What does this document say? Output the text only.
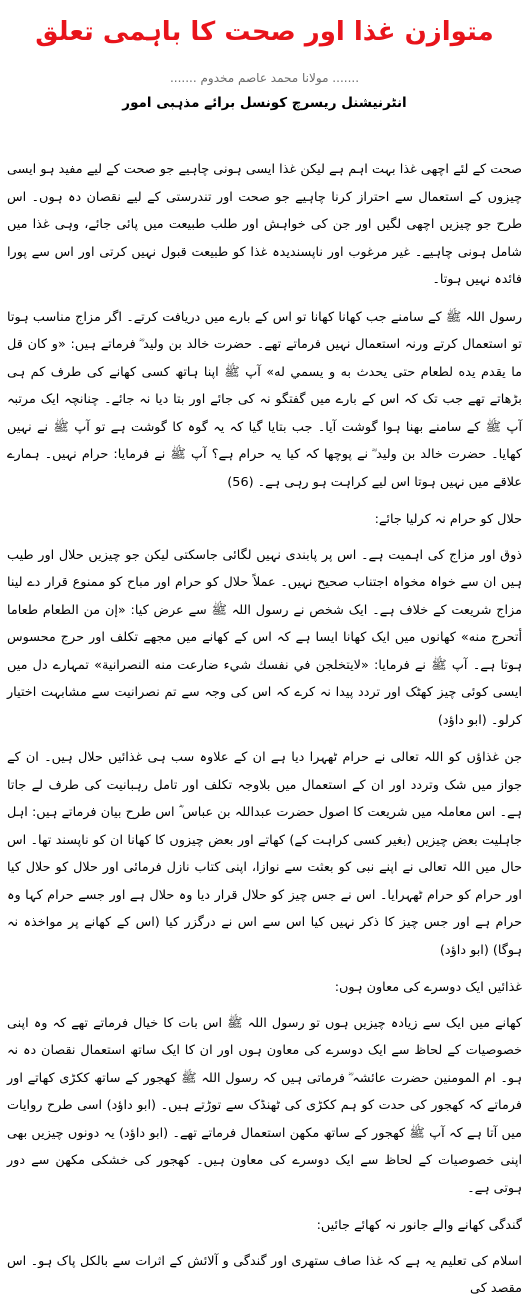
متوازن غذا اور صحت کا باہمی تعلق
....... مولانا محمد عاصم مخدوم .......
انٹرنیشنل ریسرچ کونسل برائے مذہبی امور

صحت کے لئے اچھی غذا بہت اہم ہے لیکن غذا ایسی ہونی چاہیے جو صحت کے لیے مفید ہو ایسی چیزوں کے استعمال سے احتراز کرنا چاہیے جو صحت اور تندرستی کے لیے نقصان دہ ہوں۔ اس طرح جو چیزیں اچھی لگیں اور جن کی خواہش اور طلب طبیعت میں پائی جائے، وہی غذا میں شامل ہونی چاہیے۔ غیر مرغوب اور ناپسندیدہ غذا کو طبیعت قبول نہیں کرتی اور اس سے پورا فائدہ نہیں ہوتا۔

رسول اللہ ﷺ کے سامنے جب کھانا کھانا تو اس کے بارے میں دریافت کرتے۔ اگر مزاج مناسب ہوتا تو استعمال کرتے ورنہ استعمال نہیں فرماتے تھے۔ حضرت خالد بن ولید ؓ فرماتے ہیں: «و كان قل ما يقدم يده لطعام حتى يحدث به و يسمي له» آپ ﷺ اپنا ہاتھ کسی کھانے کی طرف کم ہی بڑھاتے تھے جب تک کہ اس کے بارے میں گفتگو نہ کی جائے اور بتا دیا نہ جائے۔ چنانچہ ایک مرتبہ آپ ﷺ کے سامنے بھنا ہوا گوشت آیا۔ جب بتایا گیا کہ یہ گوہ کا گوشت ہے تو آپ ﷺ نے نہیں کھایا۔ حضرت خالد بن ولید ؓ نے پوچھا کہ کیا یہ حرام ہے؟ آپ ﷺ نے فرمایا: حرام نہیں۔ ہمارے علاقے میں نہیں ہوتا اس لیے کراہت ہو رہی ہے۔ (56)

حلال کو حرام نہ کرلیا جائے:

ذوق اور مزاج کی اہمیت ہے۔ اس پر پابندی نہیں لگائی جاسکتی لیکن جو چیزیں حلال اور طیب ہیں ان سے خواہ مخواہ اجتناب صحیح نہیں۔ عملاً حلال کو حرام اور مباح کو ممنوع قرار دے لینا مزاج شریعت کے خلاف ہے۔ ایک شخص نے رسول اللہ ﷺ سے عرض کیا: «إن من الطعام طعاما أتحرج منه» کھانوں میں ایک کھانا ایسا ہے کہ اس کے کھانے میں مجھے تکلف اور حرج محسوس ہوتا ہے۔ آپ ﷺ نے فرمایا: «لايتخلجن في نفسك شيء ضارعت منه النصرانية» تمہارے دل میں ایسی کوئی چیز کھٹک اور تردد پیدا نہ کرے کہ اس کی وجہ سے تم نصرانیت سے مشابہت اختیار کرلو۔ (ابو داؤد)

جن غذاؤں کو اللہ تعالی نے حرام ٹھہرا دیا ہے ان کے علاوہ سب ہی غذائیں حلال ہیں۔ ان کے جواز میں شک وتردد اور ان کے استعمال میں بلاوجہ تکلف اور تامل رہبانیت کی طرف لے جاتا ہے۔ اس معاملہ میں شریعت کا اصول حضرت عبداللہ بن عباس ؓ اس طرح بیان فرماتے ہیں: اہل جاہلیت بعض چیزیں (بغیر کسی کراہت کے) کھاتے اور بعض چیزوں کا کھانا ان کو ناپسند تھا۔ اس حال میں اللہ تعالی نے اپنے نبی کو بعثت سے نوازا، اپنی کتاب نازل فرمائی اور حلال کو حلال کیا اور حرام کو حرام ٹھہرایا۔ اس نے جس چیز کو حلال قرار دیا وہ حلال ہے اور جسے حرام کہا وہ حرام ہے اور جس چیز کا ذکر نہیں کیا اس سے اس نے درگزر کیا (اس کے کھانے پر مواخذہ نہ ہوگا) (ابو داؤد)

غذائیں ایک دوسرے کی معاون ہوں:

کھانے میں ایک سے زیادہ چیزیں ہوں تو رسول اللہ ﷺ اس بات کا خیال فرماتے تھے کہ وہ اپنی خصوصیات کے لحاظ سے ایک دوسرے کی معاون ہوں اور ان کا ایک ساتھ استعمال نقصان دہ نہ ہو۔ ام المومنین حضرت عائشہ ؓ فرماتی ہیں کہ رسول اللہ ﷺ کھجور کے ساتھ ککڑی کھاتے اور فرماتے کہ کھجور کی حدت کو ہم ککڑی کی ٹھنڈک سے توڑتے ہیں۔ (ابو داؤد) اسی طرح روایات میں آتا ہے کہ آپ ﷺ کھجور کے ساتھ مکھن استعمال فرماتے تھے۔ (ابو داؤد) یہ دونوں چیزیں بھی اپنی خصوصیات کے لحاظ سے ایک دوسرے کی معاون ہیں۔ کھجور کی خشکی مکھن سے دور ہوتی ہے۔

گندگی کھانے والے جانور نہ کھائے جائیں:

اسلام کی تعلیم یہ ہے کہ غذا صاف ستھری اور گندگی و آلائش کے اثرات سے بالکل پاک ہو۔ اس مقصد کی
